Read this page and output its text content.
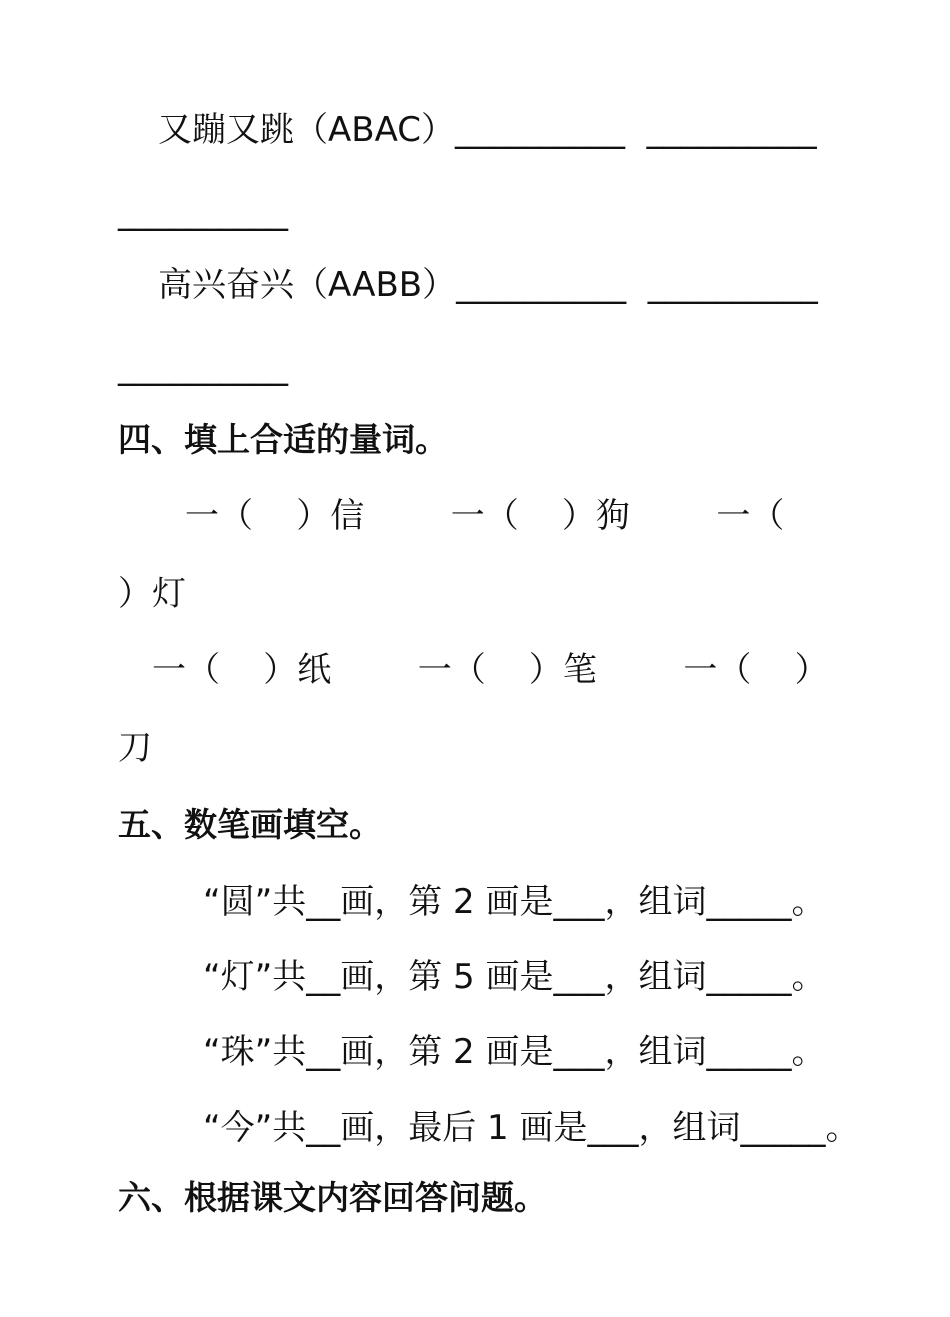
又蹦又跳（ABAC）__________  __________
__________
高兴奋兴（AABB）__________  __________
__________
四、填上合适的量词。
一（    ）信        一（    ）狗        一（
）灯
一（    ）纸        一（    ）笔        一（    ）
刀
五、数笔画填空。
“圆”共__画，第 2 画是___，组词_____。
“灯”共__画，第 5 画是___，组词_____。
“珠”共__画，第 2 画是___，组词_____。
“今”共__画，最后 1 画是___，组词_____。
六、根据课文内容回答问题。
